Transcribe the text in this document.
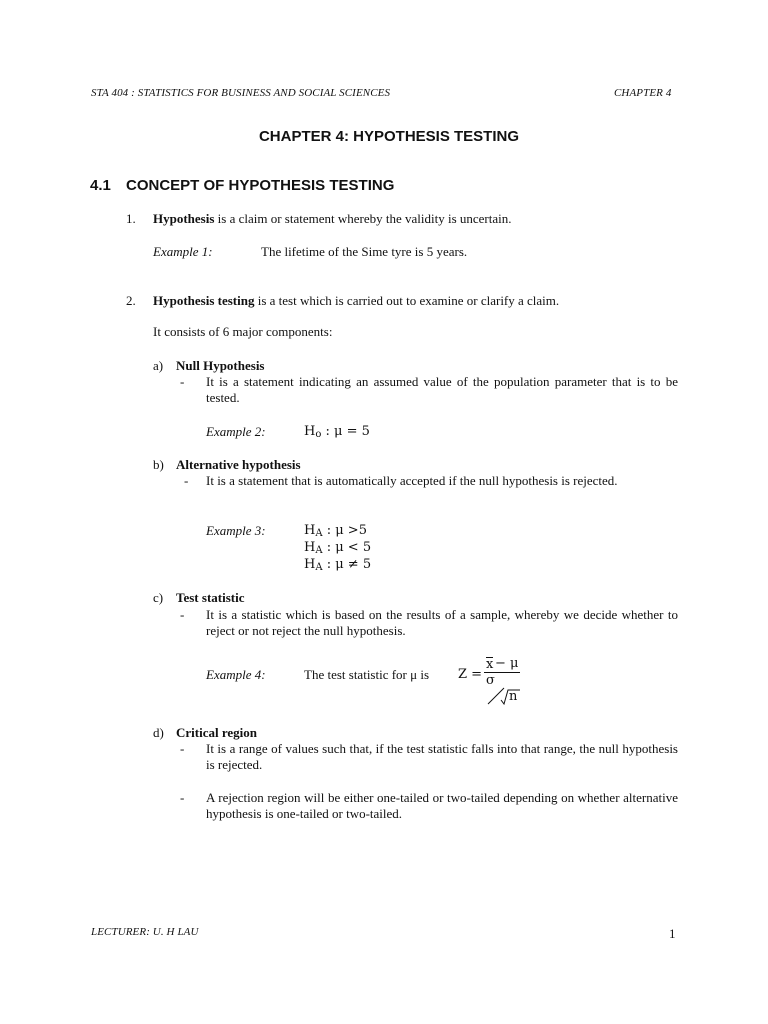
STA 404 : STATISTICS FOR BUSINESS AND SOCIAL SCIENCES	CHAPTER 4
CHAPTER 4: HYPOTHESIS TESTING
4.1 CONCEPT OF HYPOTHESIS TESTING
1. Hypothesis is a claim or statement whereby the validity is uncertain.
Example 1:	The lifetime of the Sime tyre is 5 years.
2. Hypothesis testing is a test which is carried out to examine or clarify a claim.
It consists of 6 major components:
a) Null Hypothesis
- It is a statement indicating an assumed value of the population parameter that is to be tested.
Example 2:	Ho : μ = 5
b) Alternative hypothesis
- It is a statement that is automatically accepted if the null hypothesis is rejected.
Example 3:	HA : μ >5
HA : μ < 5
HA : μ ≠ 5
c) Test statistic
- It is a statistic which is based on the results of a sample, whereby we decide whether to reject or not reject the null hypothesis.
Example 4:	The test statistic for μ is Z =
x − μ
σ
n
d) Critical region
- It is a range of values such that, if the test statistic falls into that range, the null hypothesis is rejected.
- A rejection region will be either one-tailed or two-tailed depending on whether alternative hypothesis is one-tailed or two-tailed.
LECTURER: U. H LAU	1
